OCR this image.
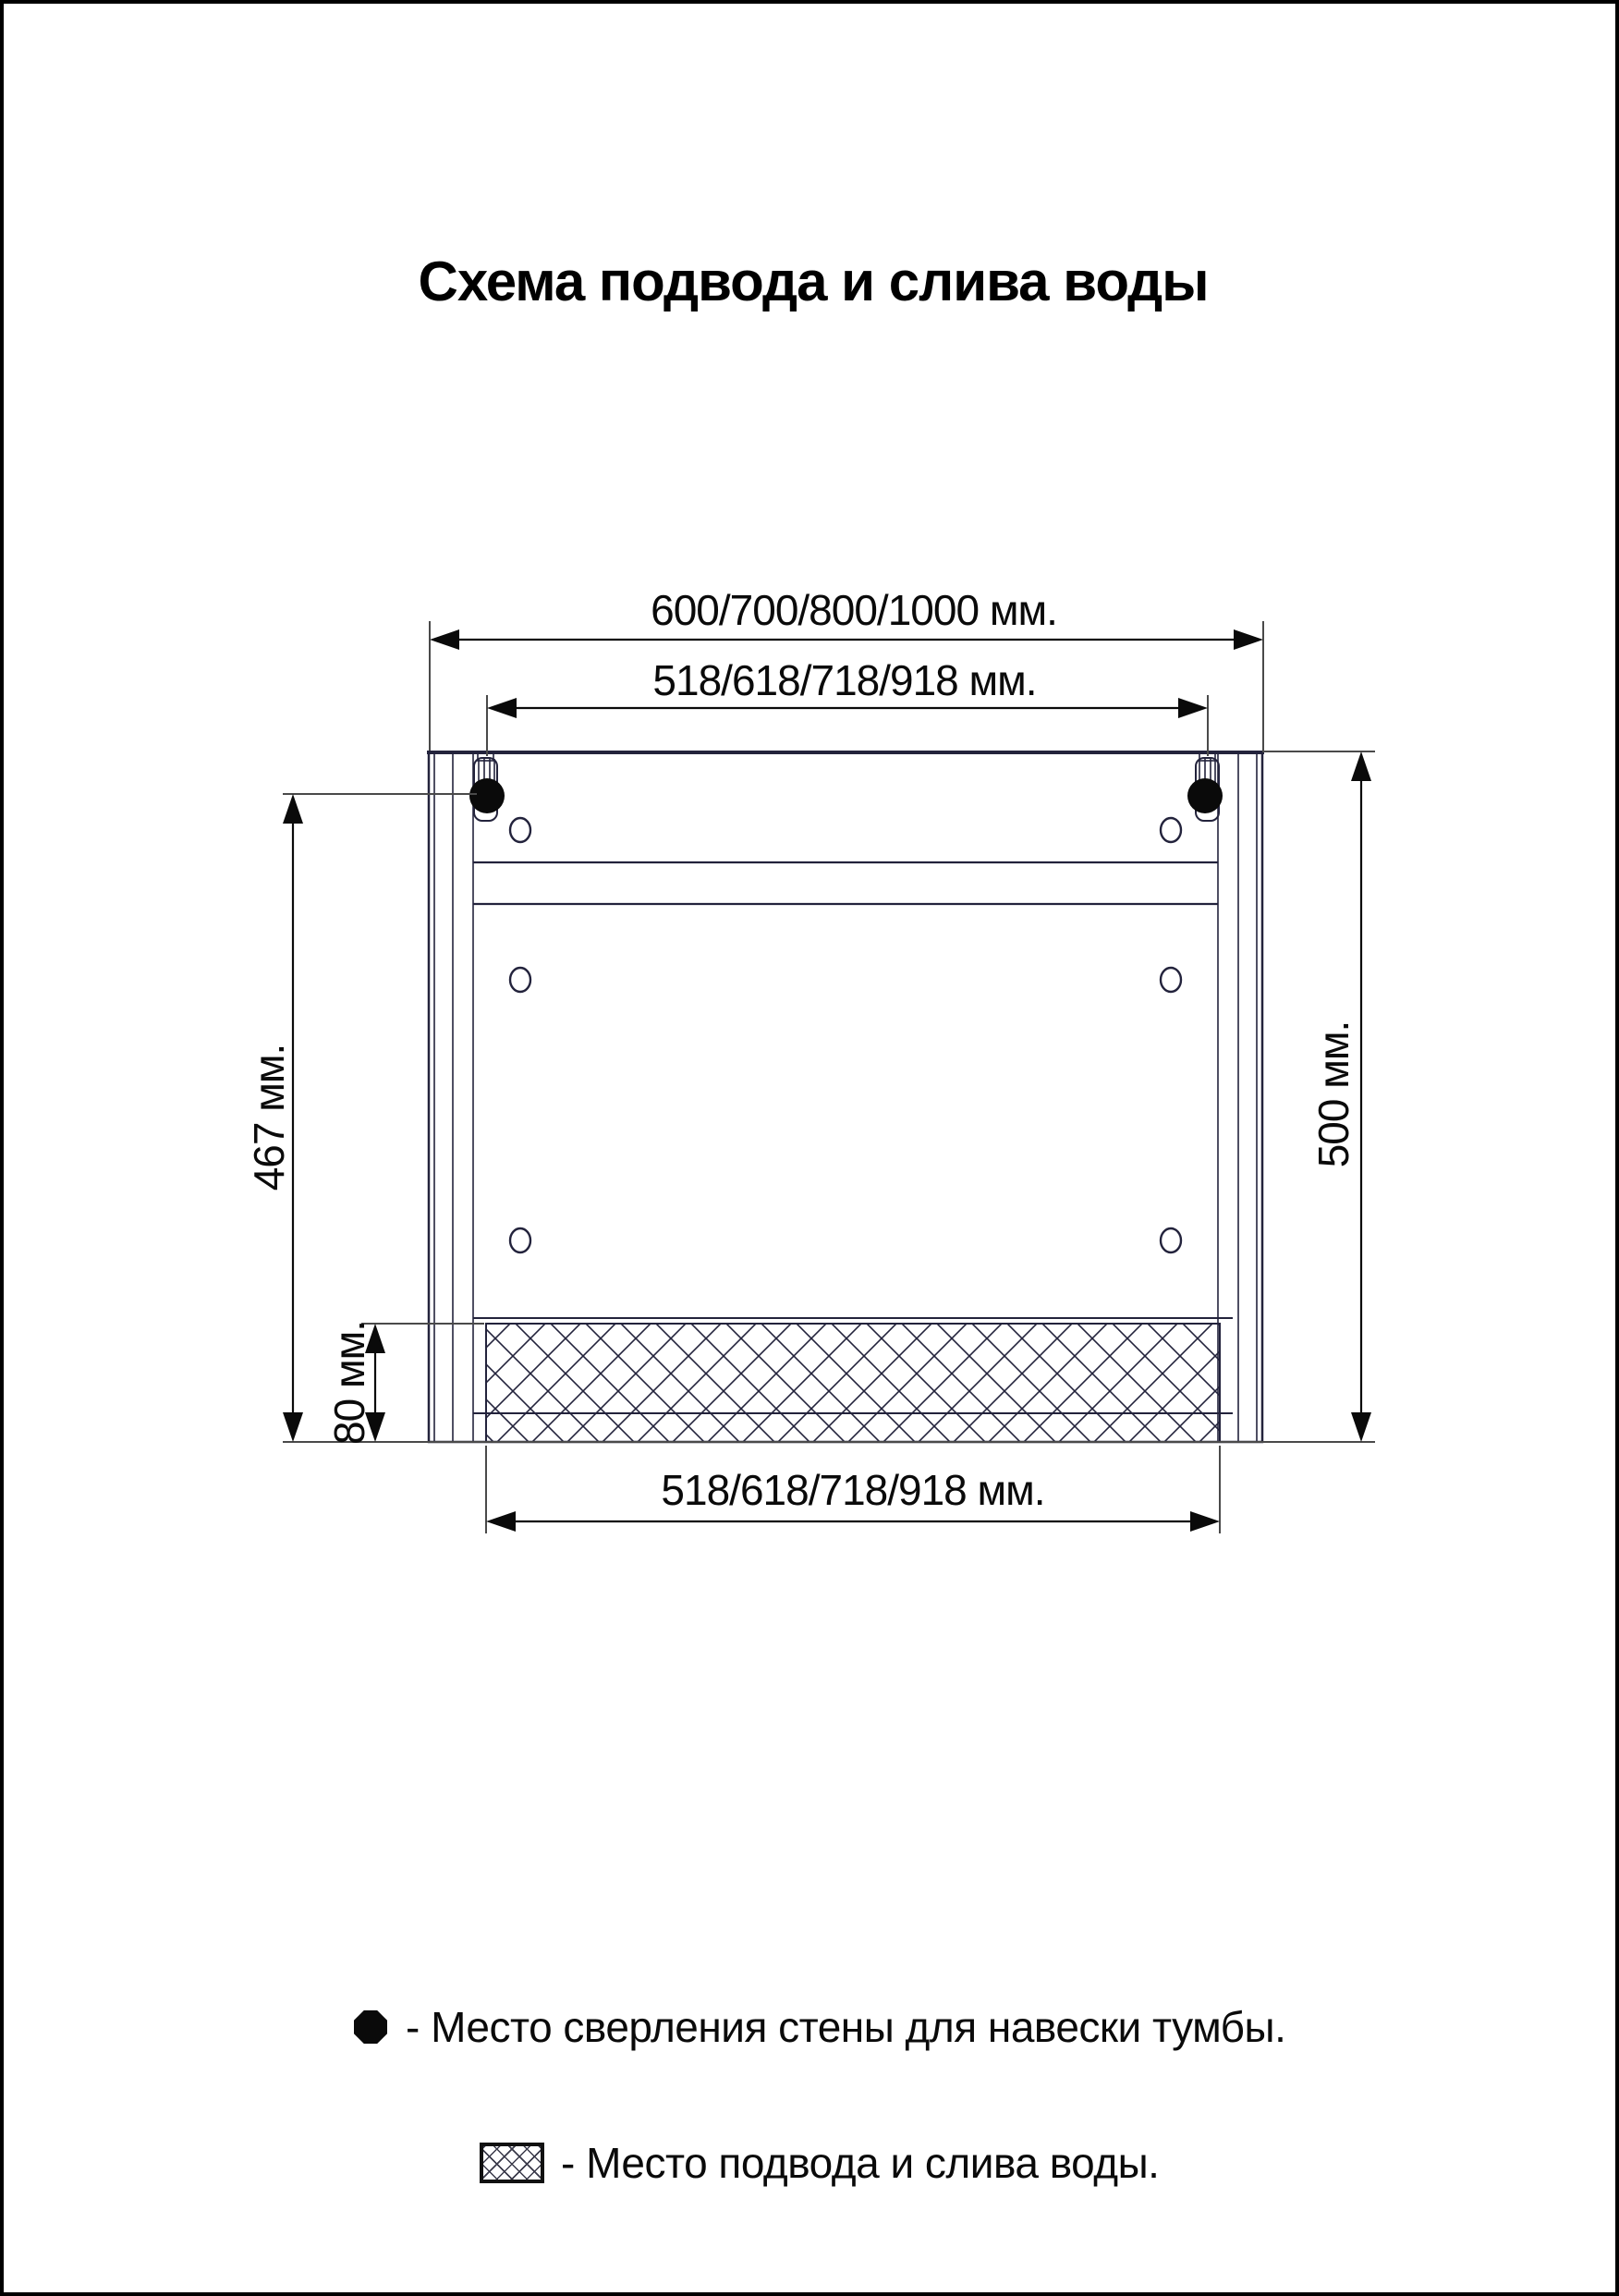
Схема подвода и слива воды
600/700/800/1000 мм.
518/618/718/918 мм.
467 мм.
80 мм.
500 мм.
518/618/718/918 мм.
- Место сверления стены для навески тумбы.
- Место подвода и слива воды.
